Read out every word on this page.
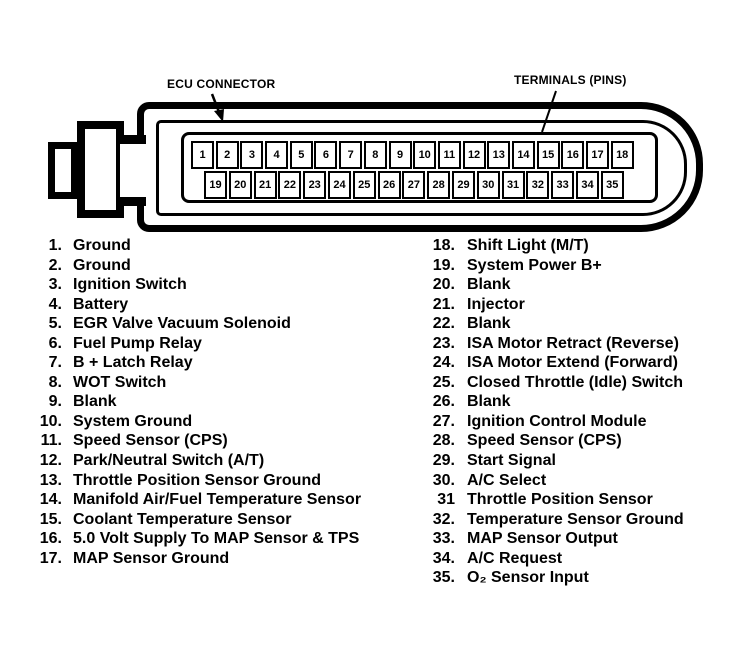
1	2	3	4	5	6	7	8	9	10	11	12	13	14	15	16	17	18
19	20	21	22	23	24	25	26	27	28	29	30	31	32	33	34	35
ECU CONNECTOR	TERMINALS (PINS)
1. Ground
2. Ground
3. Ignition Switch
4. Battery
5. EGR Valve Vacuum Solenoid
6. Fuel Pump Relay
7. B + Latch Relay
8. WOT Switch
9. Blank
10. System Ground
11. Speed Sensor (CPS)
12. Park/Neutral Switch (A/T)
13. Throttle Position Sensor Ground
14. Manifold Air/Fuel Temperature Sensor
15. Coolant Temperature Sensor
16. 5.0 Volt Supply To MAP Sensor & TPS
17. MAP Sensor Ground
18. Shift Light (M/T)
19. System Power B+
20. Blank
21. Injector
22. Blank
23. ISA Motor Retract (Reverse)
24. ISA Motor Extend (Forward)
25. Closed Throttle (Idle) Switch
26. Blank
27. Ignition Control Module
28. Speed Sensor (CPS)
29. Start Signal
30. A/C Select
31 Throttle Position Sensor
32. Temperature Sensor Ground
33. MAP Sensor Output
34. A/C Request
35. O₂ Sensor Input
